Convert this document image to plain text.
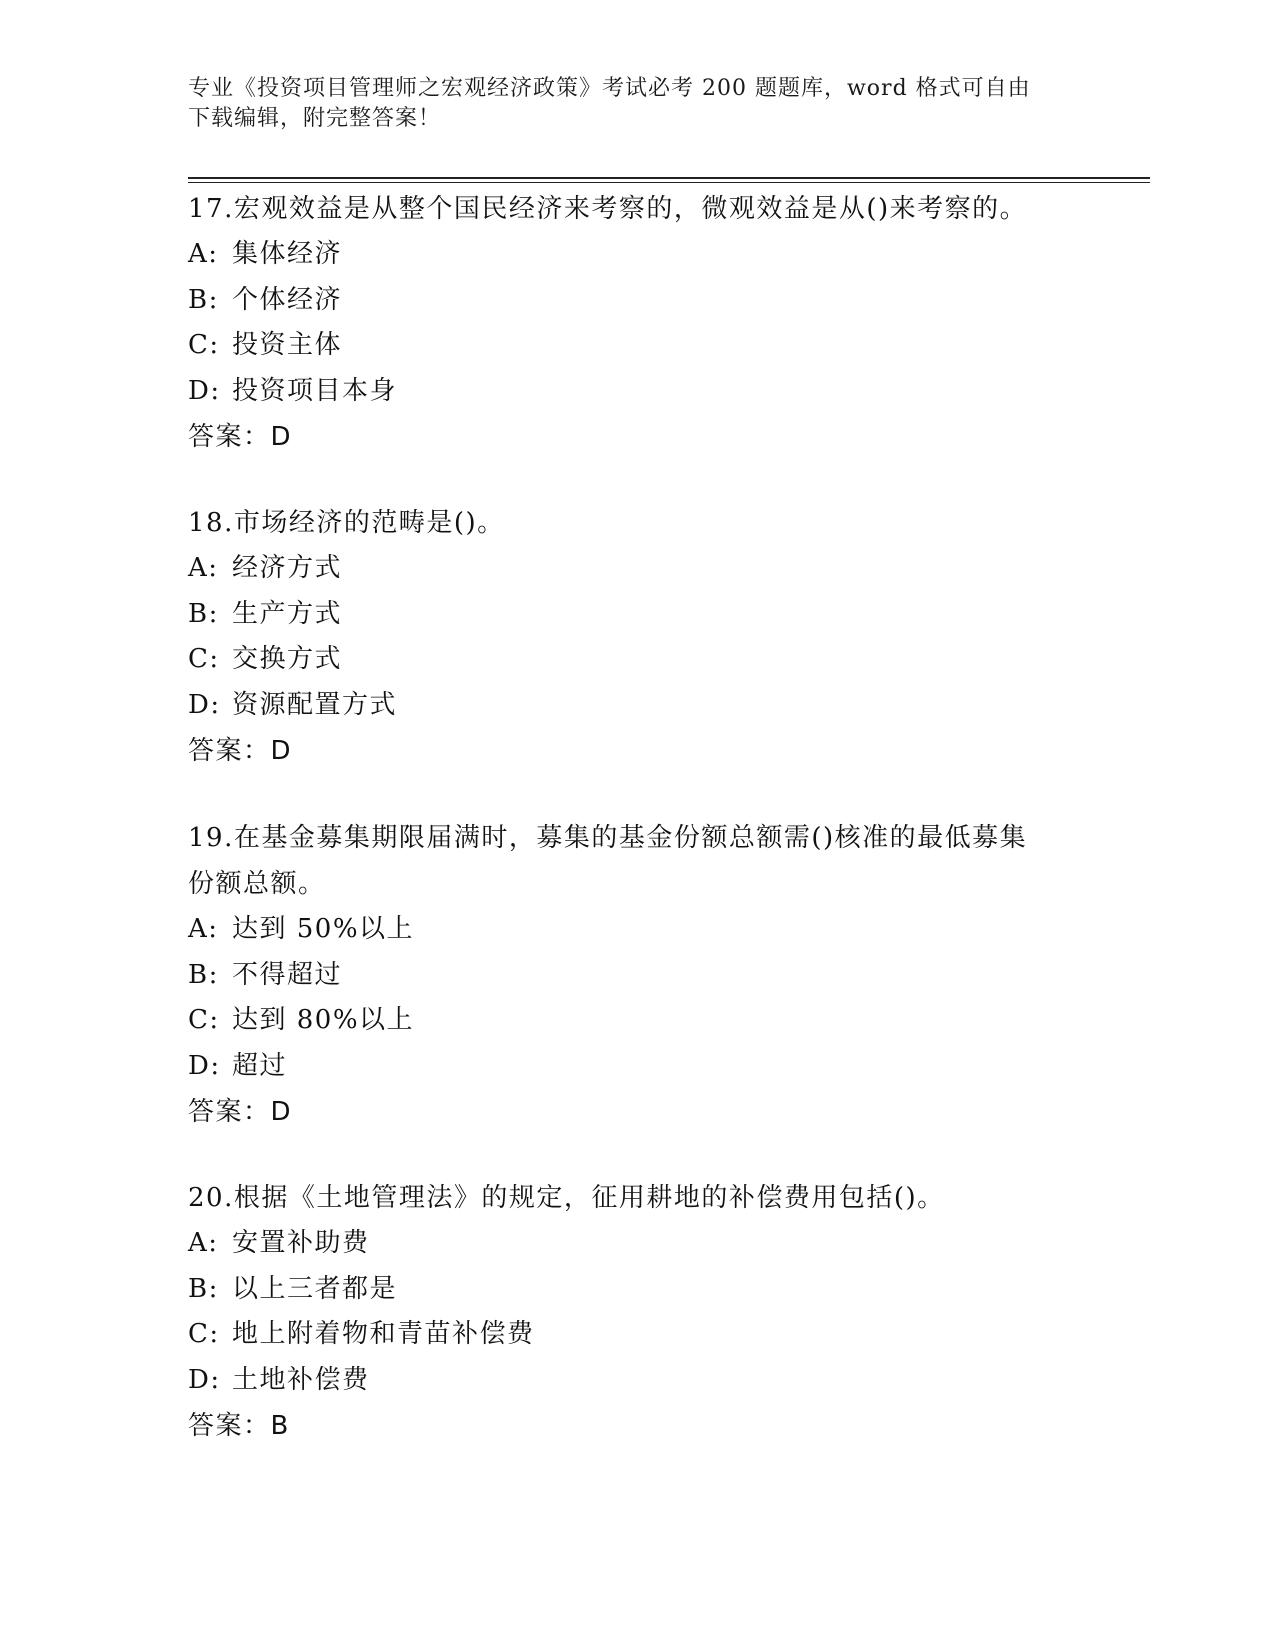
专业《投资项目管理师之宏观经济政策》考试必考 200 题题库，word 格式可自由

下载编辑，附完整答案！
17.宏观效益是从整个国民经济来考察的，微观效益是从()来考察的。
A: 集体经济
B: 个体经济
C: 投资主体
D: 投资项目本身
答案：D
18.市场经济的范畴是()。
A: 经济方式
B: 生产方式
C: 交换方式
D: 资源配置方式
答案：D
19.在基金募集期限届满时，募集的基金份额总额需()核准的最低募集
份额总额。
A: 达到 50%以上
B: 不得超过
C: 达到 80%以上
D: 超过
答案：D
20.根据《土地管理法》的规定，征用耕地的补偿费用包括()。
A: 安置补助费
B: 以上三者都是
C: 地上附着物和青苗补偿费
D: 土地补偿费
答案：B
